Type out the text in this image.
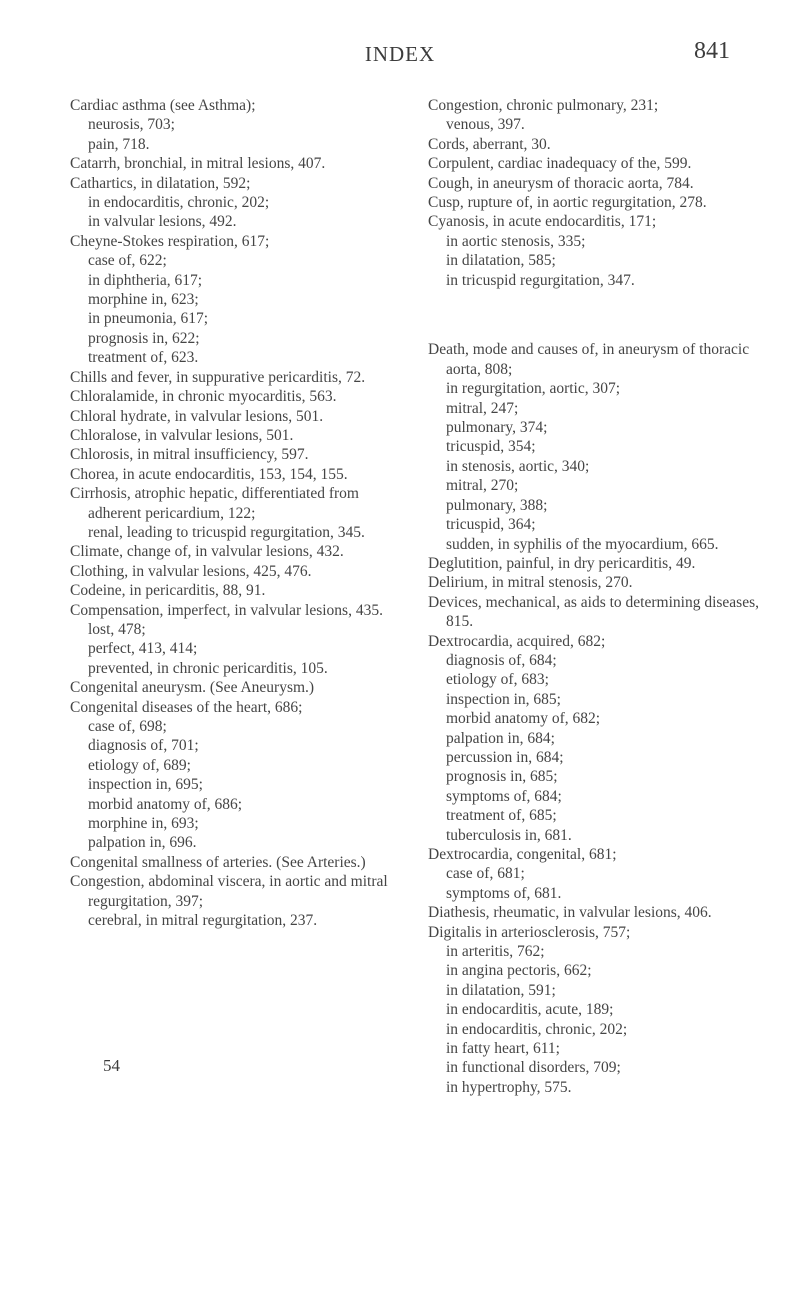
INDEX	841

Cardiac asthma (see Asthma);

neurosis, 703;

pain, 718.

Catarrh, bronchial, in mitral lesions, 407.

Cathartics, in dilatation, 592;

in endocarditis, chronic, 202;

in valvular lesions, 492.

Cheyne-Stokes respiration, 617;

case of, 622;

in diphtheria, 617;

morphine in, 623;

in pneumonia, 617;

prognosis in, 622;

treatment of, 623.

Chills and fever, in suppurative pericarditis, 72.

Chloralamide, in chronic myocarditis, 563.

Chloral hydrate, in valvular lesions, 501.

Chloralose, in valvular lesions, 501.

Chlorosis, in mitral insufficiency, 597.

Chorea, in acute endocarditis, 153, 154, 155.

Cirrhosis, atrophic hepatic, differentiated from adherent pericardium, 122;

renal, leading to tricuspid regurgitation, 345.

Climate, change of, in valvular lesions, 432.

Clothing, in valvular lesions, 425, 476.

Codeine, in pericarditis, 88, 91.

Compensation, imperfect, in valvular lesions, 435.

lost, 478;

perfect, 413, 414;

prevented, in chronic pericarditis, 105.

Congenital aneurysm. (See Aneurysm.)

Congenital diseases of the heart, 686;

case of, 698;

diagnosis of, 701;

etiology of, 689;

inspection in, 695;

morbid anatomy of, 686;

morphine in, 693;

palpation in, 696.

Congenital smallness of arteries. (See Arteries.)

Congestion, abdominal viscera, in aortic and mitral regurgitation, 397;

cerebral, in mitral regurgitation, 237.

Congestion, chronic pulmonary, 231;

venous, 397.

Cords, aberrant, 30.

Corpulent, cardiac inadequacy of the, 599.

Cough, in aneurysm of thoracic aorta, 784.

Cusp, rupture of, in aortic regurgitation, 278.

Cyanosis, in acute endocarditis, 171;

in aortic stenosis, 335;

in dilatation, 585;

in tricuspid regurgitation, 347.

Death, mode and causes of, in aneurysm of thoracic aorta, 808;

in regurgitation, aortic, 307;

mitral, 247;

pulmonary, 374;

tricuspid, 354;

in stenosis, aortic, 340;

mitral, 270;

pulmonary, 388;

tricuspid, 364;

sudden, in syphilis of the myocardium, 665.

Deglutition, painful, in dry pericarditis, 49.

Delirium, in mitral stenosis, 270.

Devices, mechanical, as aids to determining diseases, 815.

Dextrocardia, acquired, 682;

diagnosis of, 684;

etiology of, 683;

inspection in, 685;

morbid anatomy of, 682;

palpation in, 684;

percussion in, 684;

prognosis in, 685;

symptoms of, 684;

treatment of, 685;

tuberculosis in, 681.

Dextrocardia, congenital, 681;

case of, 681;

symptoms of, 681.

Diathesis, rheumatic, in valvular lesions, 406.

Digitalis in arteriosclerosis, 757;

in arteritis, 762;

in angina pectoris, 662;

in dilatation, 591;

in endocarditis, acute, 189;

in endocarditis, chronic, 202;

in fatty heart, 611;

in functional disorders, 709;

in hypertrophy, 575.

54
